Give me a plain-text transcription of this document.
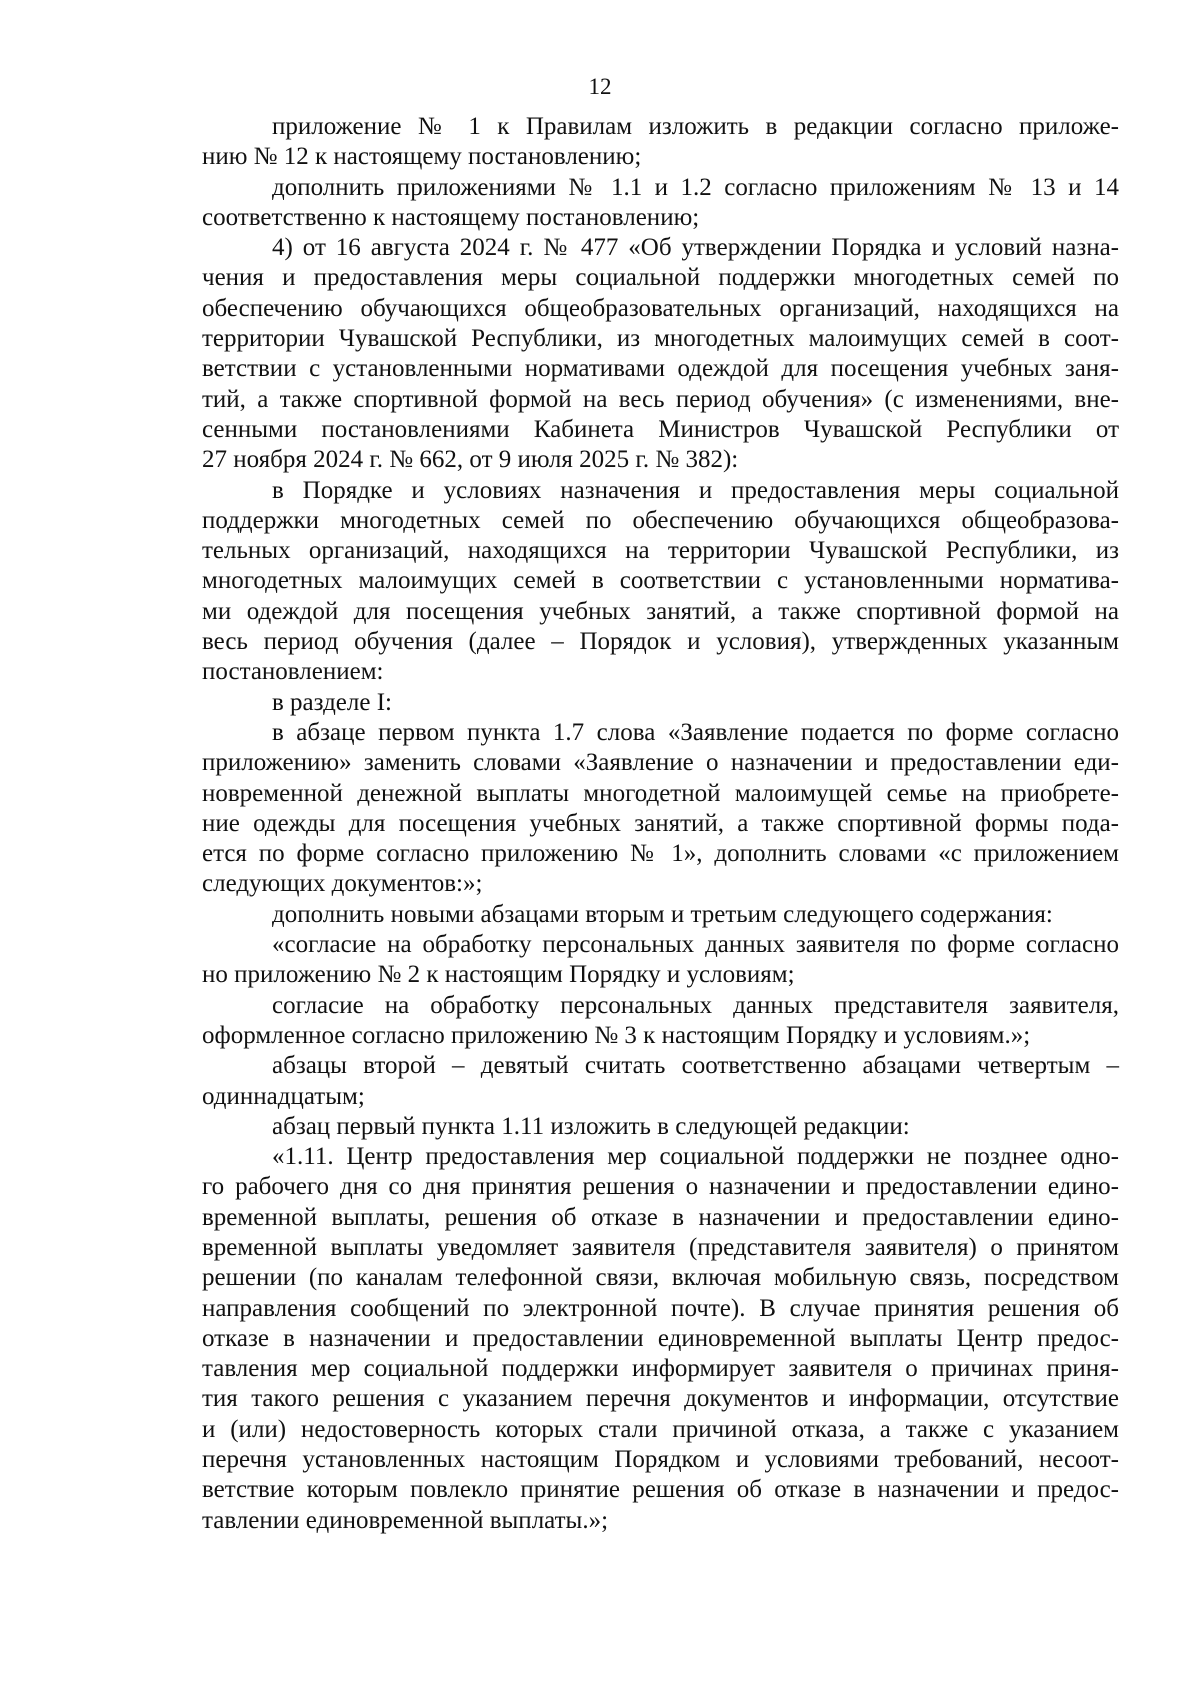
12

приложение № 1 к Правилам изложить в редакции согласно приложе-
нию № 12 к настоящему постановлению;

дополнить приложениями № 1.1 и 1.2 согласно приложениям № 13 и 14
соответственно к настоящему постановлению;

4) от 16 августа 2024 г. № 477 «Об утверждении Порядка и условий назна-
чения и предоставления меры социальной поддержки многодетных семей по
обеспечению обучающихся общеобразовательных организаций, находящихся на
территории Чувашской Республики, из многодетных малоимущих семей в соот-
ветствии с установленными нормативами одеждой для посещения учебных заня-
тий, а также спортивной формой на весь период обучения» (с изменениями, вне-
сенными постановлениями Кабинета Министров Чувашской Республики от
27 ноября 2024 г. № 662, от 9 июля 2025 г. № 382):

в Порядке и условиях назначения и предоставления меры социальной
поддержки многодетных семей по обеспечению обучающихся общеобразова-
тельных организаций, находящихся на территории Чувашской Республики, из
многодетных малоимущих семей в соответствии с установленными норматива-
ми одеждой для посещения учебных занятий, а также спортивной формой на
весь период обучения (далее – Порядок и условия), утвержденных указанным
постановлением:

в разделе I:

в абзаце первом пункта 1.7 слова «Заявление подается по форме согласно
приложению» заменить словами «Заявление о назначении и предоставлении еди-
новременной денежной выплаты многодетной малоимущей семье на приобрете-
ние одежды для посещения учебных занятий, а также спортивной формы пода-
ется по форме согласно приложению № 1», дополнить словами «с приложением
следующих документов:»;

дополнить новыми абзацами вторым и третьим следующего содержания:

«согласие на обработку персональных данных заявителя по форме согласно
но приложению № 2 к настоящим Порядку и условиям;

согласие на обработку персональных данных представителя заявителя,
оформленное согласно приложению № 3 к настоящим Порядку и условиям.»;

абзацы второй – девятый считать соответственно абзацами четвертым –
одиннадцатым;

абзац первый пункта 1.11 изложить в следующей редакции:

«1.11. Центр предоставления мер социальной поддержки не позднее одно-
го рабочего дня со дня принятия решения о назначении и предоставлении едино-
временной выплаты, решения об отказе в назначении и предоставлении едино-
временной выплаты уведомляет заявителя (представителя заявителя) о принятом
решении (по каналам телефонной связи, включая мобильную связь, посредством
направления сообщений по электронной почте). В случае принятия решения об
отказе в назначении и предоставлении единовременной выплаты Центр предос-
тавления мер социальной поддержки информирует заявителя о причинах приня-
тия такого решения с указанием перечня документов и информации, отсутствие
и (или) недостоверность которых стали причиной отказа, а также с указанием
перечня установленных настоящим Порядком и условиями требований, несоот-
ветствие которым повлекло принятие решения об отказе в назначении и предос-
тавлении единовременной выплаты.»;
